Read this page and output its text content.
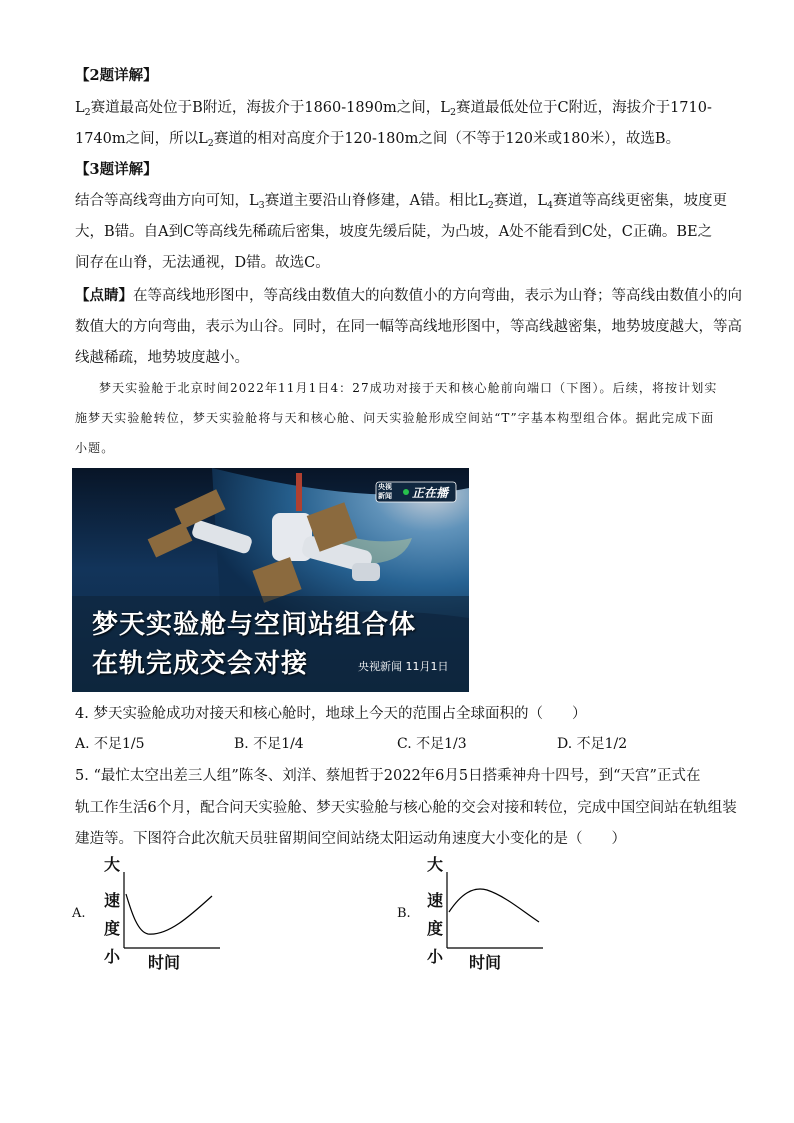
【2题详解】
$L_2$赛道最高处位于B附近，海拔介于1860-1890m之间，$L_2$赛道最低处位于C附近，海拔介于1710-
1740m之间，所以$L_2$赛道的相对高度介于120-180m之间（不等于120米或180米），故选B。
【3题详解】
结合等高线弯曲方向可知，$L_3$赛道主要沿山脊修建，A错。相比$L_2$赛道，$L_4$赛道等高线更密集，坡度更
大，B错。自A到C等高线先稀疏后密集，坡度先缓后陡，为凸坡，A处不能看到C处，C正确。BE之
间存在山脊，无法通视，D错。故选C。
【点睛】在等高线地形图中，等高线由数值大的向数值小的方向弯曲，表示为山脊；等高线由数值小的向
数值大的方向弯曲，表示为山谷。同时，在同一幅等高线地形图中，等高线越密集，地势坡度越大，等高
线越稀疏，地势坡度越小。
梦天实验舱于北京时间2022年11月1日4：27成功对接于天和核心舱前向端口（下图）。后续，将按计划实施梦天实验舱转位，梦天实验舱将与天和核心舱、问天实验舱形成空间站“T”字基本构型组合体。据此完成下面小题。
央视
新闻	正在播
梦天实验舱与空间站组合体
在轨完成交会对接	央视新闻 11月1日
4. 梦天实验舱成功对接天和核心舱时，地球上今天的范围占全球面积的（　　）
A. 不足1/5	B. 不足1/4	C. 不足1/3	D. 不足1/2
5. “最忙太空出差三人组”陈冬、刘洋、蔡旭哲于2022年6月5日搭乘神舟十四号，到“天宫”正式在
轨工作生活6个月，配合问天实验舱、梦天实验舱与核心舱的交会对接和转位，完成中国空间站在轨组装
建造等。下图符合此次航天员驻留期间空间站绕太阳运动角速度大小变化的是（　　）
A.
大
速
度
小 时间
B.
大
速
度
小 时间
